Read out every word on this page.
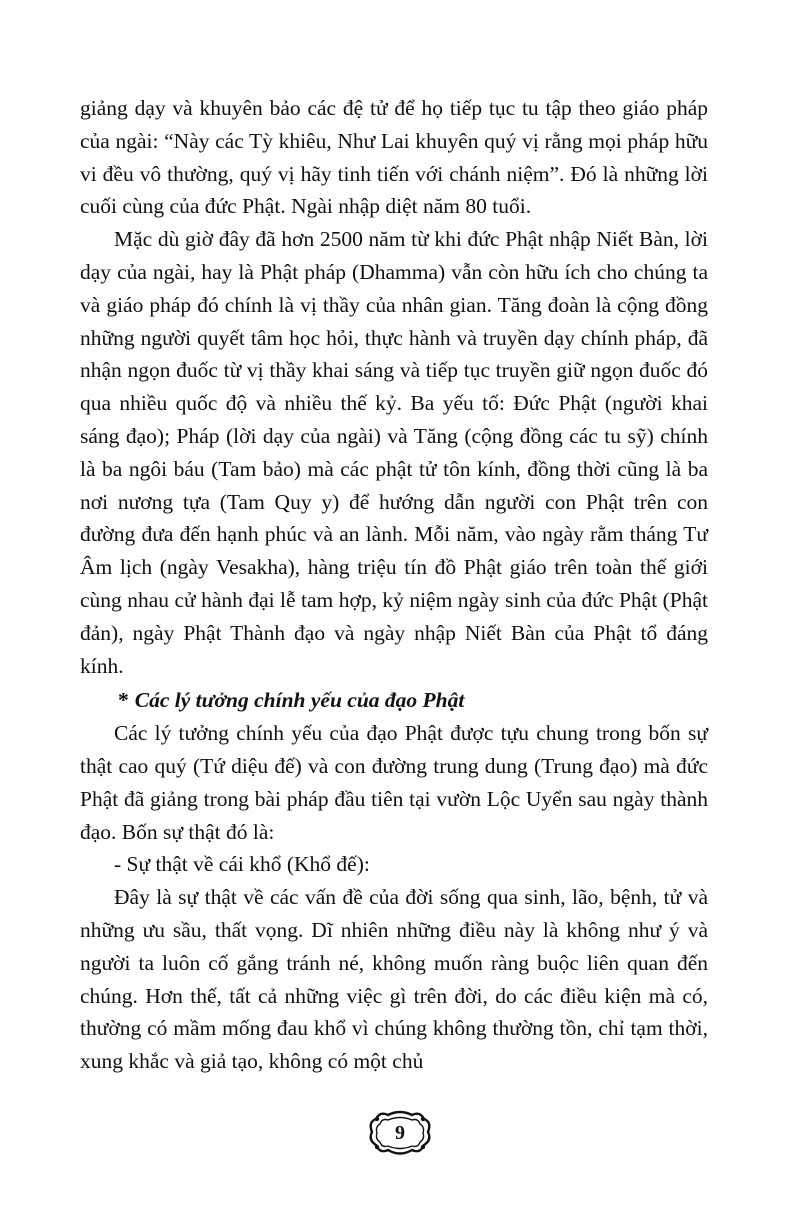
giảng dạy và khuyên bảo các đệ tử để họ tiếp tục tu tập theo giáo pháp của ngài: “Này các Tỳ khiêu, Như Lai khuyên quý vị rằng mọi pháp hữu vi đều vô thường, quý vị hãy tinh tiến với chánh niệm”. Đó là những lời cuối cùng của đức Phật. Ngài nhập diệt năm 80 tuổi.

Mặc dù giờ đây đã hơn 2500 năm từ khi đức Phật nhập Niết Bàn, lời dạy của ngài, hay là Phật pháp (Dhamma) vẫn còn hữu ích cho chúng ta và giáo pháp đó chính là vị thầy của nhân gian. Tăng đoàn là cộng đồng những người quyết tâm học hỏi, thực hành và truyền dạy chính pháp, đã nhận ngọn đuốc từ vị thầy khai sáng và tiếp tục truyền giữ ngọn đuốc đó qua nhiều quốc độ và nhiều thế kỷ. Ba yếu tố: Đức Phật (người khai sáng đạo); Pháp (lời dạy của ngài) và Tăng (cộng đồng các tu sỹ) chính là ba ngôi báu (Tam bảo) mà các phật tử tôn kính, đồng thời cũng là ba nơi nương tựa (Tam Quy y) để hướng dẫn người con Phật trên con đường đưa đến hạnh phúc và an lành. Mỗi năm, vào ngày rằm tháng Tư Âm lịch (ngày Vesakha), hàng triệu tín đồ Phật giáo trên toàn thế giới cùng nhau cử hành đại lễ tam hợp, kỷ niệm ngày sinh của đức Phật (Phật đản), ngày Phật Thành đạo và ngày nhập Niết Bàn của Phật tổ đáng kính.

* Các lý tưởng chính yếu của đạo Phật

Các lý tưởng chính yếu của đạo Phật được tựu chung trong bốn sự thật cao quý (Tứ diệu đế) và con đường trung dung (Trung đạo) mà đức Phật đã giảng trong bài pháp đầu tiên tại vườn Lộc Uyển sau ngày thành đạo. Bốn sự thật đó là:

- Sự thật về cái khổ (Khổ đế):

Đây là sự thật về các vấn đề của đời sống qua sinh, lão, bệnh, tử và những ưu sầu, thất vọng. Dĩ nhiên những điều này là không như ý và người ta luôn cố gắng tránh né, không muốn ràng buộc liên quan đến chúng. Hơn thế, tất cả những việc gì trên đời, do các điều kiện mà có, thường có mầm mống đau khổ vì chúng không thường tồn, chỉ tạm thời, xung khắc và giả tạo, không có một chủ

9
